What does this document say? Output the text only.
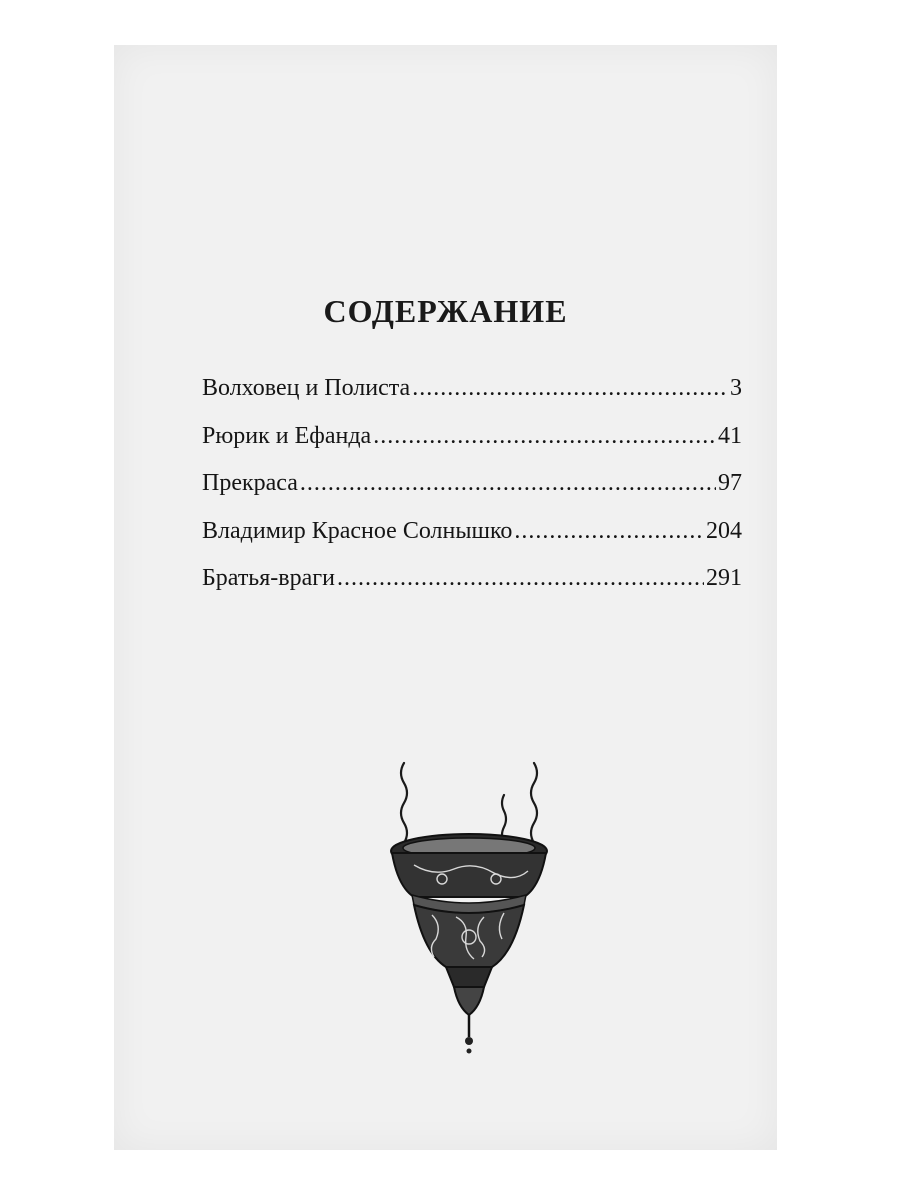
СОДЕРЖАНИЕ
Волховец и Полиста .....	3
Рюрик и Ефанда .....	41
Прекраса .....	97
Владимир Красное Солнышко .....	204
Братья-враги .....	291
